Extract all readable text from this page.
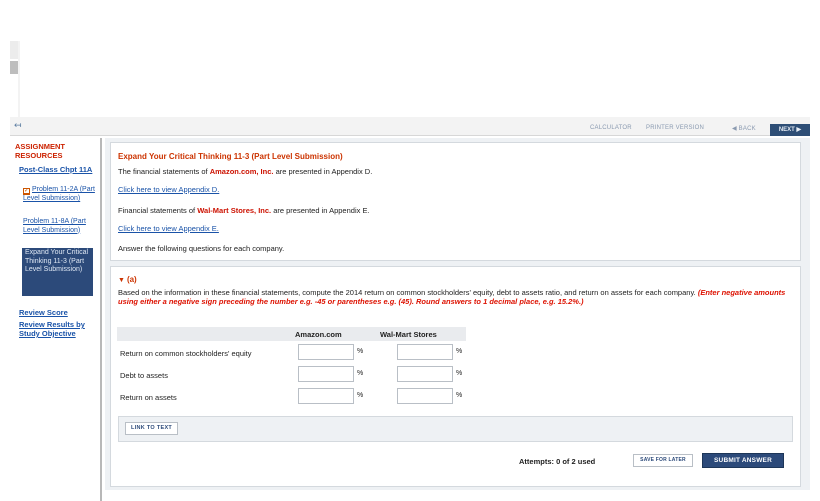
↤	CALCULATOR PRINTER VERSION	◀ BACK	NEXT ▶
ASSIGNMENT
RESOURCES
Post-Class Chpt 11A
✓ Problem 11-2A (Part Level Submission)
Problem 11-8A (Part Level Submission)
Expand Your Critical Thinking 11-3 (Part Level Submission)
Review Score
Review Results by Study Objective
Expand Your Critical Thinking 11-3 (Part Level Submission)
The financial statements of Amazon.com, Inc. are presented in Appendix D.
Click here to view Appendix D.
Financial statements of Wal-Mart Stores, Inc. are presented in Appendix E.
Click here to view Appendix E.
Answer the following questions for each company.
▼ (a)
Based on the information in these financial statements, compute the 2014 return on common stockholders' equity, debt to assets ratio, and return on assets for each company. (Enter negative amounts using either a negative sign preceding the number e.g. -45 or parentheses e.g. (45). Round answers to 1 decimal place, e.g. 15.2%.)
Amazon.com	Wal-Mart Stores
Return on common stockholders' equity	%	%
Debt to assets	%	%
Return on assets	%	%
LINK TO TEXT
Attempts: 0 of 2 used	SAVE FOR LATER	SUBMIT ANSWER
